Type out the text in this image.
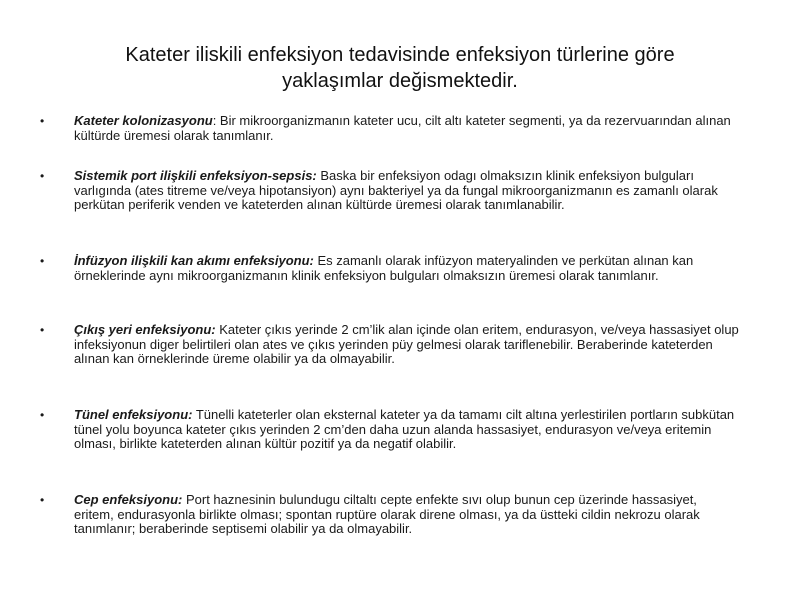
Kateter iliskili enfeksiyon tedavisinde enfeksiyon türlerine göre
yaklaşımlar değismektedir.
•	Kateter kolonizasyonu: Bir mikroorganizmanın kateter ucu, cilt altı kateter segmenti, ya da rezervuarından alınan kültürde üremesi olarak tanımlanır.
•	Sistemik port ilişkili enfeksiyon-sepsis: Baska bir enfeksiyon odagı olmaksızın klinik enfeksiyon bulguları varlıgında (ates titreme ve/veya hipotansiyon) aynı bakteriyel ya da fungal mikroorganizmanın es zamanlı olarak perkütan periferik venden ve kateterden alınan kültürde üremesi olarak tanımlanabilir.
•	İnfüzyon ilişkili kan akımı enfeksiyonu: Es zamanlı olarak infüzyon materyalinden ve perkütan alınan kan örneklerinde aynı mikroorganizmanın klinik enfeksiyon bulguları olmaksızın üremesi olarak tanımlanır.
•	Çıkış yeri enfeksiyonu: Kateter çıkıs yerinde 2 cm’lik alan içinde olan eritem, endurasyon, ve/veya hassasiyet olup infeksiyonun diger belirtileri olan ates ve çıkıs yerinden püy gelmesi olarak tariflenebilir. Beraberinde kateterden alınan kan örneklerinde üreme olabilir ya da olmayabilir.
•	Tünel enfeksiyonu: Tünelli kateterler olan eksternal kateter ya da tamamı cilt altına yerlestirilen portların subkütan tünel yolu boyunca kateter çıkıs yerinden 2 cm’den daha uzun alanda hassasiyet, endurasyon ve/veya eritemin olması, birlikte kateterden alınan kültür pozitif ya da negatif olabilir.
•	Cep enfeksiyonu: Port haznesinin bulundugu ciltaltı cepte enfekte sıvı olup bunun cep üzerinde hassasiyet, eritem, endurasyonla birlikte olması; spontan ruptüre olarak direne olması, ya da üstteki cildin nekrozu olarak tanımlanır; beraberinde septisemi olabilir ya da olmayabilir.
